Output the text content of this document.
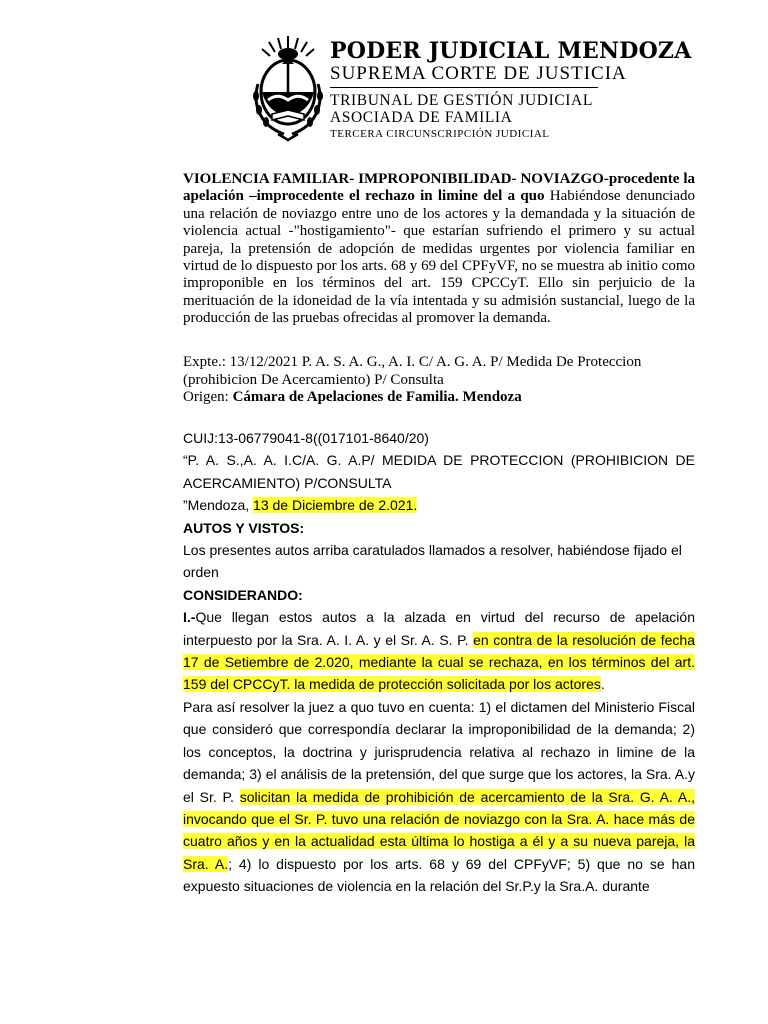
PODER JUDICIAL MENDOZA
SUPREMA CORTE DE JUSTICIA
TRIBUNAL DE GESTIÓN JUDICIAL
ASOCIADA DE FAMILIA
TERCERA CIRCUNSCRIPCIÓN JUDICIAL
VIOLENCIA FAMILIAR- IMPROPONIBILIDAD- NOVIAZGO-procedente la apelación –improcedente el rechazo in limine del a quo Habiéndose denunciado una relación de noviazgo entre uno de los actores y la demandada y la situación de violencia actual -"hostigamiento"- que estarían sufriendo el primero y su actual pareja, la pretensión de adopción de medidas urgentes por violencia familiar en virtud de lo dispuesto por los arts. 68 y 69 del CPFyVF, no se muestra ab initio como improponible en los términos del art. 159 CPCCyT. Ello sin perjuicio de la merituación de la idoneidad de la vía intentada y su admisión sustancial, luego de la producción de las pruebas ofrecidas al promover la demanda.
Expte.: 13/12/2021 P. A. S. A. G., A. I. C/ A. G. A. P/ Medida De Proteccion (prohibicion De Acercamiento) P/ Consulta
Origen: Cámara de Apelaciones de Familia. Mendoza

CUIJ:13-06779041-8((017101-8640/20)

“P. A. S.,A. A. I.C/A. G. A.P/ MEDIDA DE PROTECCION (PROHIBICION DE ACERCAMIENTO) P/CONSULTA

”Mendoza, 13 de Diciembre de 2.021.

AUTOS Y VISTOS:

Los presentes autos arriba caratulados llamados a resolver, habiéndose fijado el orden

CONSIDERANDO:

I.-Que llegan estos autos a la alzada en virtud del recurso de apelación interpuesto por la Sra. A. I. A. y el Sr. A. S. P. en contra de la resolución de fecha 17 de Setiembre de 2.020, mediante la cual se rechaza, en los términos del art. 159 del CPCCyT. la medida de protección solicitada por los actores.

Para así resolver la juez a quo tuvo en cuenta: 1) el dictamen del Ministerio Fiscal que consideró que correspondía declarar la improponibilidad de la demanda; 2) los conceptos, la doctrina y jurisprudencia relativa al rechazo in limine de la demanda; 3) el análisis de la pretensión, del que surge que los actores, la Sra. A.y el Sr. P. solicitan la medida de prohibición de acercamiento de la Sra. G. A. A., invocando que el Sr. P. tuvo una relación de noviazgo con la Sra. A. hace más de cuatro años y en la actualidad esta última lo hostiga a él y a su nueva pareja, la Sra. A.; 4) lo dispuesto por los arts. 68 y 69 del CPFyVF; 5) que no se han expuesto situaciones de violencia en la relación del Sr.P.y la Sra.A. durante
